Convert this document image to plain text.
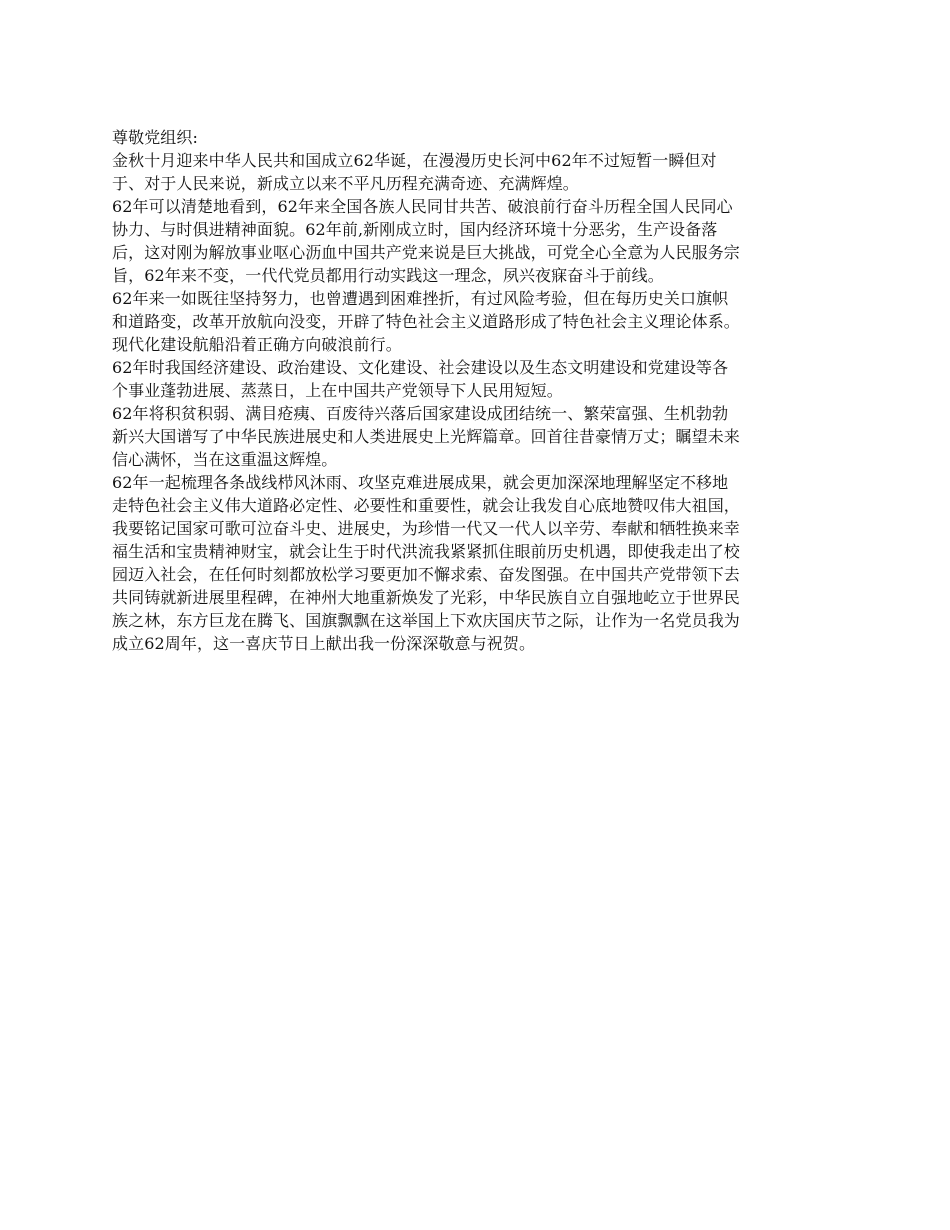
尊敬党组织:
金秋十月迎来中华人民共和国成立62华诞，在漫漫历史长河中62年不过短暂一瞬但对
于、对于人民来说，新成立以来不平凡历程充满奇迹、充满辉煌。
62年可以清楚地看到，62年来全国各族人民同甘共苦、破浪前行奋斗历程全国人民同心
协力、与时俱进精神面貌。62年前,新刚成立时，国内经济环境十分恶劣，生产设备落
后，这对刚为解放事业呕心沥血中国共产党来说是巨大挑战，可党全心全意为人民服务宗
旨，62年来不变，一代代党员都用行动实践这一理念，夙兴夜寐奋斗于前线。
62年来一如既往坚持努力，也曾遭遇到困难挫折，有过风险考验，但在每历史关口旗帜
和道路变，改革开放航向没变，开辟了特色社会主义道路形成了特色社会主义理论体系。
现代化建设航船沿着正确方向破浪前行。
62年时我国经济建设、政治建设、文化建设、社会建设以及生态文明建设和党建设等各
个事业蓬勃进展、蒸蒸日，上在中国共产党领导下人民用短短。
62年将积贫积弱、满目疮痍、百废待兴落后国家建设成团结统一、繁荣富强、生机勃勃
新兴大国谱写了中华民族进展史和人类进展史上光辉篇章。回首往昔豪情万丈；瞩望未来
信心满怀，当在这重温这辉煌。
62年一起梳理各条战线栉风沐雨、攻坚克难进展成果，就会更加深深地理解坚定不移地
走特色社会主义伟大道路必定性、必要性和重要性，就会让我发自心底地赞叹伟大祖国，
我要铭记国家可歌可泣奋斗史、进展史，为珍惜一代又一代人以辛劳、奉献和牺牲换来幸
福生活和宝贵精神财宝，就会让生于时代洪流我紧紧抓住眼前历史机遇，即使我走出了校
园迈入社会，在任何时刻都放松学习要更加不懈求索、奋发图强。在中国共产党带领下去
共同铸就新进展里程碑，在神州大地重新焕发了光彩，中华民族自立自强地屹立于世界民
族之林，东方巨龙在腾飞、国旗飘飘在这举国上下欢庆国庆节之际，让作为一名党员我为
成立62周年，这一喜庆节日上献出我一份深深敬意与祝贺。
